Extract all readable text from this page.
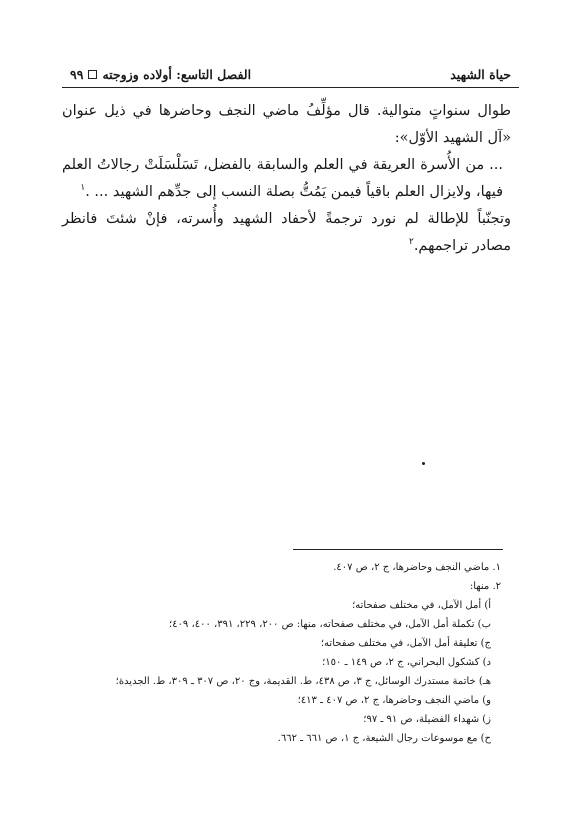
حياة الشهيد
الفصل التاسع: أولاده وزوجته
٩٩

طوال سنواتٍ متوالية. قال مؤلِّفُ ماضي النجف وحاضرها في ذيل عنوان «آل الشهيد الأوّل»:

... من الأُسرة العريقة في العلم والسابقة بالفضل، تَسَلْسَلَتْ رجالاتُ العلم فيها، ولايزال العلم باقياً فيمن يَمُتُّ بصلة النسب إلى جدِّهم الشهيد ... .$^١$

وتجنّباً للإطالة لم نورد ترجمةً لأحفاد الشهيد وأُسرته، فإنْ شئتَ فانظر مصادر تراجمهم.$^٢$

١. ماضي النجف وحاضرها، ج ٢، ص ٤٠٧.
٢. منها:
أ) أمل الآمل، في مختلف صفحاته؛
ب) تكملة أمل الآمل، في مختلف صفحاته، منها: ص ٢٠٠، ٢٢٩، ٣٩١، ٤٠٠، ٤٠٩؛
ج) تعليقة أمل الآمل، في مختلف صفحاته؛
د) كشكول البحراني، ج ٢، ص ١٤٩ ـ ١٥٠؛
هـ) خاتمة مستدرك الوسائل، ج ٣، ص ٤٣٨، ط. القديمة، وج ٢٠، ص ٣٠٧ ـ ٣٠٩، ط. الجديدة؛
و) ماضي النجف وحاضرها، ج ٢، ص ٤٠٧ ـ ٤١٣؛
ز) شهداء الفضيلة، ص ٩١ ـ ٩٧؛
ح) مع موسوعات رجال الشيعة، ج ١، ص ٦٦١ ـ ٦٦٢.
